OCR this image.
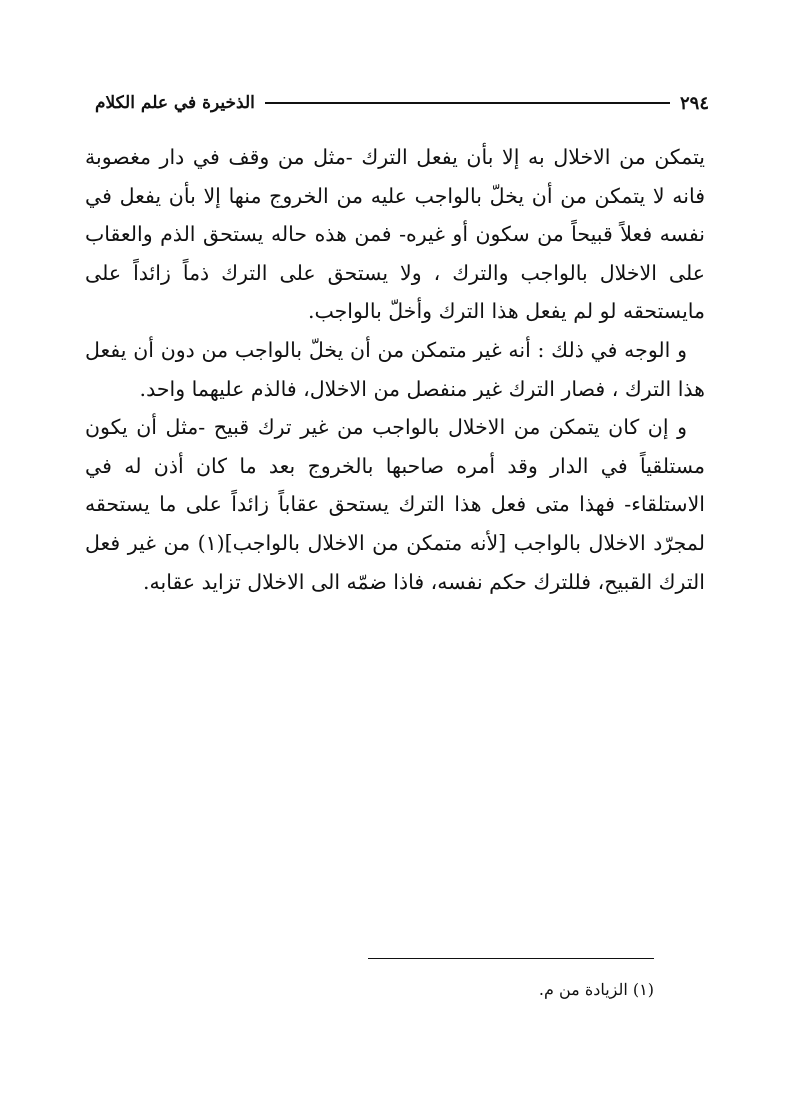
٢٩٤
الذخيرة في علم الكلام

يتمكن من الاخلال به إلا بأن يفعل الترك -مثل من وقف في دار مغصوبة فانه لا يتمكن من أن يخلّ بالواجب عليه من الخروج منها إلا بأن يفعل في نفسه فعلاً قبيحاً من سكون أو غيره- فمن هذه حاله يستحق الذم والعقاب على الاخلال بالواجب والترك ، ولا يستحق على الترك ذماً زائداً على مايستحقه لو لم يفعل هذا الترك وأخلّ بالواجب.

و الوجه في ذلك : أنه غير متمكن من أن يخلّ بالواجب من دون أن يفعل هذا الترك ، فصار الترك غير منفصل من الاخلال، فالذم عليهما واحد.

و إن كان يتمكن من الاخلال بالواجب من غير ترك قبيح -مثل أن يكون مستلقياً في الدار وقد أمره صاحبها بالخروج بعد ما كان أذن له في الاستلقاء- فهذا متى فعل هذا الترك يستحق عقاباً زائداً على ما يستحقه لمجرّد الاخلال بالواجب [لأنه متمكن من الاخلال بالواجب](١) من غير فعل الترك القبيح، فللترك حكم نفسه، فاذا ضمّه الى الاخلال تزايد عقابه.

(١) الزيادة من م.
